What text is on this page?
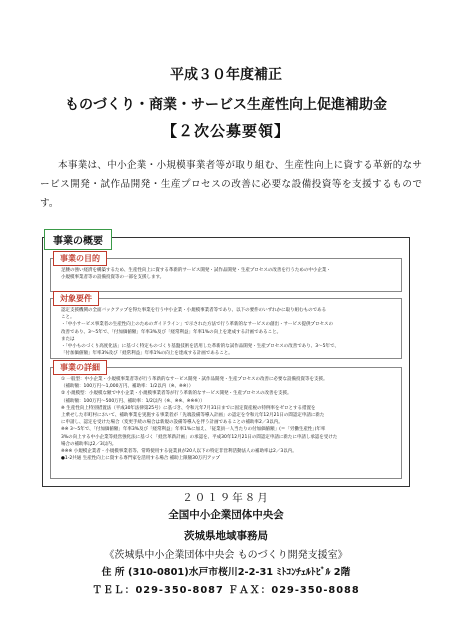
平成３０年度補正
ものづくり・商業・サービス生産性向上促進補助金
【２次公募要領】
本事業は、中小企業・小規模事業者等が取り組む、生産性向上に資する革新的なサービス開発・試作品開発・生産プロセスの改善に必要な設備投資等を支援するものです。
事業の概要

足腰の強い経済を構築するため、生産性向上に資する革新的サービス開発・試作品開発・生産プロセスの改善を行うための中小企業・

小規模事業者等の設備投資等の一部を支援します。

事業の目的

認定支援機関の全面バックアップを得た事業を行う中小企業・小規模事業者等であり、以下の要件のいずれかに取り組むものである

こと。

・「中小サービス事業者の生産性向上のためのガイドライン」で示された方法で行う革新的なサービスの創出・サービス提供プロセスの

改善であり、3〜5年で、「付加価値額」年率3%及び「経常利益」年率1%の向上を達成する計画であること。

または

・「中小ものづくり高度化法」に基づく特定ものづくり基盤技術を活用した革新的な試作品開発・生産プロセスの改善であり、3〜5年で、

「付加価値額」年率3%及び「経常利益」年率1%の向上を達成する計画であること。

対象要件

① 一般型：中小企業・小規模事業者等が行う革新的なサービス開発・試作品開発・生産プロセスの改善に必要な設備投資等を支援。

（補助額：100万円〜1,000万円、補助率：1/2以内（※、※※））

② 小規模型：小規模な額で中小企業・小規模事業者等が行う革新的なサービス開発・生産プロセスの改善を支援。

（補助額：100万円〜500万円、補助率：1/2以内（※、※※、※※※））

※ 生産性向上特別措置法（平成30年法律第25号）に基づき、令和元年7月31日までに固定資産税の特例率をゼロとする措置を

上乗せした市町村において、補助事業を実施する事業者が「先端設備等導入計画」の認定を令和元年12月21日の間認定申請に新た

に申請し、認定を受けた場合（変更手続の場合は新規の設備等導入を伴う計画であることの補助率2／3以内。

※※ 3〜5年で、「付加価値額」年率3%及び「経常利益」年率1%に加え、「従業員一人当たりの付加価値額」(＝「労働生産性」)年率

3%の向上する中小企業等経営強化法に基づく「経営革新計画」の承認を、平成30年12月21日の間認定申請に新たに申請し承認を受けた

場合の補助率は2／3以内。

※※※ 小規模企業者・小規模事業者等、常時使用する従業員が20人以下の特定非営利活動法人の補助率は2／3以内。

●1-2共通 生産性向上に資する専門家を活用する場合 補助上限額30万円アップ

事業の詳細
２０１９年８月
全国中小企業団体中央会
茨城県地域事務局
《茨城県中小企業団体中央会 ものづくり開発支援室》
住 所 (310-0801)水戸市桜川2-2-31 ﾐﾄｺﾝﾁｪﾙﾄﾋﾞﾙ 2階
ＴＥＬ：029-350-8087 ＦＡＸ：029-350-8088
